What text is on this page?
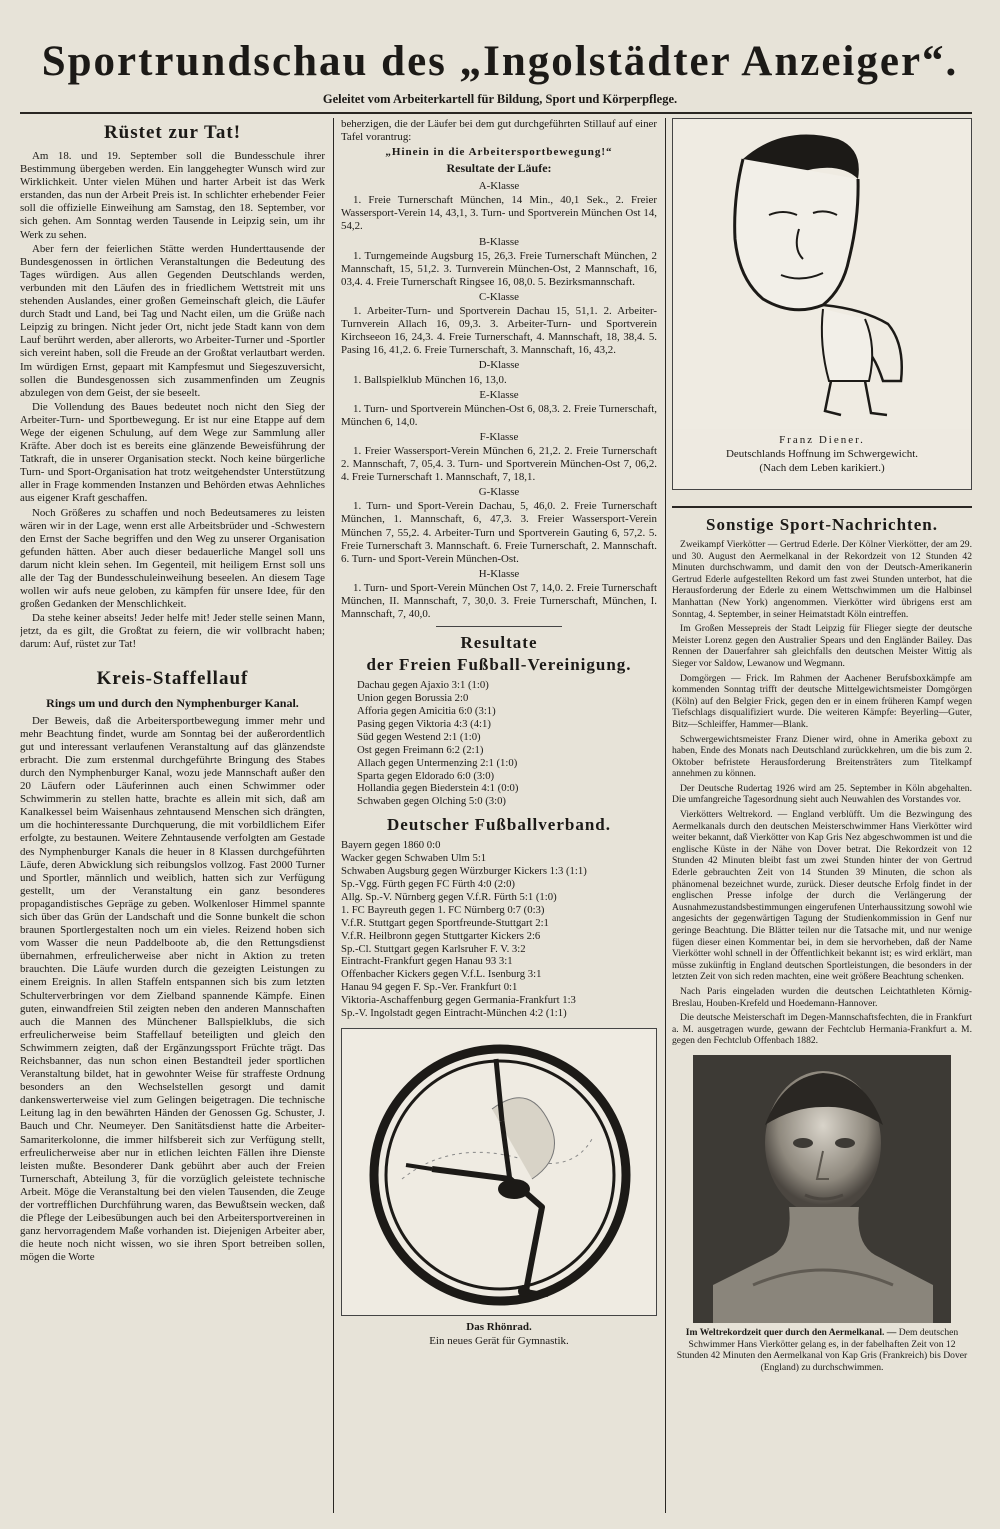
Sportrundschau des „Ingolstädter Anzeiger“.
Geleitet vom Arbeiterkartell für Bildung, Sport und Körperpflege.
Rüstet zur Tat!

Am 18. und 19. September soll die Bundesschule ihrer Bestimmung übergeben werden. Ein langgehegter Wunsch wird zur Wirklichkeit. Unter vielen Mühen und harter Arbeit ist das Werk erstanden, das nun der Arbeit Preis ist. In schlichter erhebender Feier soll die offizielle Einweihung am Samstag, den 18. September, vor sich gehen. Am Sonntag werden Tausende in Leipzig sein, um ihr Werk zu sehen.

Aber fern der feierlichen Stätte werden Hunderttausende der Bundesgenossen in örtlichen Veranstaltungen die Bedeutung des Tages würdigen. Aus allen Gegenden Deutschlands werden, verbunden mit den Läufen des in friedlichem Wettstreit mit uns stehenden Auslandes, einer großen Gemeinschaft gleich, die Läufer durch Stadt und Land, bei Tag und Nacht eilen, um die Grüße nach Leipzig zu bringen. Nicht jeder Ort, nicht jede Stadt kann von dem Lauf berührt werden, aber allerorts, wo Arbeiter-Turner und -Sportler sich vereint haben, soll die Freude an der Großtat verlautbart werden. Im würdigen Ernst, gepaart mit Kampfesmut und Siegeszuversicht, sollen die Bundesgenossen sich zusammenfinden um Zeugnis abzulegen von dem Geist, der sie beseelt.

Die Vollendung des Baues bedeutet noch nicht den Sieg der Arbeiter-Turn- und Sportbewegung. Er ist nur eine Etappe auf dem Wege der eigenen Schulung, auf dem Wege zur Sammlung aller Kräfte. Aber doch ist es bereits eine glänzende Beweisführung der Tatkraft, die in unserer Organisation steckt. Noch keine bürgerliche Turn- und Sport-Organisation hat trotz weitgehendster Unterstützung aller in Frage kommenden Instanzen und Behörden etwas Aehnliches aus eigener Kraft geschaffen.

Noch Größeres zu schaffen und noch Bedeutsameres zu leisten wären wir in der Lage, wenn erst alle Arbeitsbrüder und -Schwestern den Ernst der Sache begriffen und den Weg zu unserer Organisation gefunden hätten. Aber auch dieser bedauerliche Mangel soll uns darum nicht klein sehen. Im Gegenteil, mit heiligem Ernst soll uns alle der Tag der Bundesschuleinweihung beseelen. An diesem Tage wollen wir aufs neue geloben, zu kämpfen für unsere Idee, für den großen Gedanken der Menschlichkeit.

Da stehe keiner abseits! Jeder helfe mit! Jeder stelle seinen Mann, jetzt, da es gilt, die Großtat zu feiern, die wir vollbracht haben; darum: Auf, rüstet zur Tat!

Kreis-Staffellauf
Rings um und durch den Nymphenburger Kanal.

Der Beweis, daß die Arbeitersportbewegung immer mehr und mehr Beachtung findet, wurde am Sonntag bei der außerordentlich gut und interessant verlaufenen Veranstaltung auf das glänzendste erbracht. Die zum erstenmal durchgeführte Bringung des Stabes durch den Nymphenburger Kanal, wozu jede Mannschaft außer den 20 Läufern oder Läuferinnen auch einen Schwimmer oder Schwimmerin zu stellen hatte, brachte es allein mit sich, daß am Kanalkessel beim Waisenhaus zehntausend Menschen sich drängten, um die hochinteressante Durchquerung, die mit vorbildlichem Eifer erfolgte, zu bestaunen. Weitere Zehntausende verfolgten am Gestade des Nymphenburger Kanals die heuer in 8 Klassen durchgeführten Läufe, deren Abwicklung sich reibungslos vollzog. Fast 2000 Turner und Sportler, männlich und weiblich, hatten sich zur Verfügung gestellt, um der Veranstaltung ein ganz besonderes propagandistisches Gepräge zu geben. Wolkenloser Himmel spannte sich über das Grün der Landschaft und die Sonne bunkelt die schon braunen Sportlergestalten noch um ein vieles. Reizend hoben sich vom Wasser die neun Paddelboote ab, die den Rettungsdienst übernahmen, erfreulicherweise aber nicht in Aktion zu treten brauchten. Die Läufe wurden durch die gezeigten Leistungen zu einem Ereignis. In allen Staffeln entspannen sich bis zum letzten Schulterverbringen vor dem Zielband spannende Kämpfe. Einen guten, einwandfreien Stil zeigten neben den anderen Mannschaften auch die Mannen des Münchener Ballspielklubs, die sich erfreulicherweise beim Staffellauf beteiligten und gleich den Schwimmern zeigten, daß der Ergänzungssport Früchte trägt. Das Reichsbanner, das nun schon einen Bestandteil jeder sportlichen Veranstaltung bildet, hat in gewohnter Weise für straffeste Ordnung besonders an den Wechselstellen gesorgt und damit dankenswerterweise viel zum Gelingen beigetragen. Die technische Leitung lag in den bewährten Händen der Genossen Gg. Schuster, J. Bauch und Chr. Neumeyer. Den Sanitätsdienst hatte die Arbeiter-Samariterkolonne, die immer hilfsbereit sich zur Verfügung stellt, erfreulicherweise aber nur in etlichen leichten Fällen ihre Dienste leisten mußte. Besonderer Dank gebührt aber auch der Freien Turnerschaft, Abteilung 3, für die vorzüglich geleistete technische Arbeit. Möge die Veranstaltung bei den vielen Tausenden, die Zeuge der vortrefflichen Durchführung waren, das Bewußtsein wecken, daß die Pflege der Leibesübungen auch bei den Arbeitersportvereinen in ganz hervorragendem Maße vorhanden ist. Diejenigen Arbeiter aber, die heute noch nicht wissen, wo sie ihren Sport betreiben sollen, mögen die Worte

beherzigen, die der Läufer bei dem gut durchgeführten Stillauf auf einer Tafel vorantrug:

„Hinein in die Arbeitersportbewegung!“
Resultate der Läufe:
A-Klasse

1. Freie Turnerschaft München, 14 Min., 40,1 Sek., 2. Freier Wassersport-Verein 14, 43,1, 3. Turn- und Sportverein München Ost 14, 54,2.

B-Klasse

1. Turngemeinde Augsburg 15, 26,3. Freie Turnerschaft München, 2 Mannschaft, 15, 51,2. 3. Turnverein München-Ost, 2 Mannschaft, 16, 03,4. 4. Freie Turnerschaft Ringsee 16, 08,0. 5. Bezirksmannschaft.

C-Klasse

1. Arbeiter-Turn- und Sportverein Dachau 15, 51,1. 2. Arbeiter-Turnverein Allach 16, 09,3. 3. Arbeiter-Turn- und Sportverein Kirchseeon 16, 24,3. 4. Freie Turnerschaft, 4. Mannschaft, 18, 38,4. 5. Pasing 16, 41,2. 6. Freie Turnerschaft, 3. Mannschaft, 16, 43,2.

D-Klasse

1. Ballspielklub München 16, 13,0.

E-Klasse

1. Turn- und Sportverein München-Ost 6, 08,3. 2. Freie Turnerschaft, München 6, 14,0.

F-Klasse

1. Freier Wassersport-Verein München 6, 21,2. 2. Freie Turnerschaft 2. Mannschaft, 7, 05,4. 3. Turn- und Sportverein München-Ost 7, 06,2. 4. Freie Turnerschaft 1. Mannschaft, 7, 18,1.

G-Klasse

1. Turn- und Sport-Verein Dachau, 5, 46,0. 2. Freie Turnerschaft München, 1. Mannschaft, 6, 47,3. 3. Freier Wassersport-Verein München 7, 55,2. 4. Arbeiter-Turn und Sportverein Gauting 6, 57,2. 5. Freie Turnerschaft 3. Mannschaft. 6. Freie Turnerschaft, 2. Mannschaft. 6. Turn- und Sport-Verein München-Ost.

H-Klasse

1. Turn- und Sport-Verein München Ost 7, 14,0. 2. Freie Turnerschaft München, II. Mannschaft, 7, 30,0. 3. Freie Turnerschaft, München, I. Mannschaft, 7, 40,0.

Resultate
der Freien Fußball-Vereinigung.
Dachau gegen Ajaxio 3:1 (1:0)
Union gegen Borussia 2:0
Afforia gegen Amicitia 6:0 (3:1)
Pasing gegen Viktoria 4:3 (4:1)
Süd gegen Westend 2:1 (1:0)
Ost gegen Freimann 6:2 (2:1)
Allach gegen Untermenzing 2:1 (1:0)
Sparta gegen Eldorado 6:0 (3:0)
Hollandia gegen Biederstein 4:1 (0:0)
Schwaben gegen Olching 5:0 (3:0)
Deutscher Fußballverband.
Bayern gegen 1860 0:0
Wacker gegen Schwaben Ulm 5:1
Schwaben Augsburg gegen Würzburger Kickers 1:3 (1:1)
Sp.-Vgg. Fürth gegen FC Fürth 4:0 (2:0)
Allg. Sp.-V. Nürnberg gegen V.f.R. Fürth 5:1 (1:0)
1. FC Bayreuth gegen 1. FC Nürnberg 0:7 (0:3)
V.f.R. Stuttgart gegen Sportfreunde-Stuttgart 2:1
V.f.R. Heilbronn gegen Stuttgarter Kickers 2:6
Sp.-Cl. Stuttgart gegen Karlsruher F. V. 3:2
Eintracht-Frankfurt gegen Hanau 93 3:1
Offenbacher Kickers gegen V.f.L. Isenburg 3:1
Hanau 94 gegen F. Sp.-Ver. Frankfurt 0:1
Viktoria-Aschaffenburg gegen Germania-Frankfurt 1:3
Sp.-V. Ingolstadt gegen Eintracht-München 4:2 (1:1)
Das Rhönrad.
Ein neues Gerät für Gymnastik.
Franz Diener.
Deutschlands Hoffnung im Schwergewicht.
(Nach dem Leben karikiert.)
Sonstige Sport-Nachrichten.

Zweikampf Vierkötter — Gertrud Ederle. Der Kölner Vierkötter, der am 29. und 30. August den Aermelkanal in der Rekordzeit von 12 Stunden 42 Minuten durchschwamm, und damit den von der Deutsch-Amerikanerin Gertrud Ederle aufgestellten Rekord um fast zwei Stunden unterbot, hat die Herausforderung der Ederle zu einem Wettschwimmen um die Halbinsel Manhattan (New York) angenommen. Vierkötter wird übrigens erst am Sonntag, 4. September, in seiner Heimatstadt Köln eintreffen.

Im Großen Messepreis der Stadt Leipzig für Flieger siegte der deutsche Meister Lorenz gegen den Australier Spears und den Engländer Bailey. Das Rennen der Dauerfahrer sah gleichfalls den deutschen Meister Wittig als Sieger vor Saldow, Lewanow und Wegmann.

Domgörgen — Frick. Im Rahmen der Aachener Berufsboxkämpfe am kommenden Sonntag trifft der deutsche Mittelgewichtsmeister Domgörgen (Köln) auf den Belgier Frick, gegen den er in einem früheren Kampf wegen Tiefschlags disqualifiziert wurde. Die weiteren Kämpfe: Beyerling—Guter, Bitz—Schleiffer, Hammer—Blank.

Schwergewichtsmeister Franz Diener wird, ohne in Amerika geboxt zu haben, Ende des Monats nach Deutschland zurückkehren, um die bis zum 2. Oktober befristete Herausforderung Breitensträters zum Titelkampf annehmen zu können.

Der Deutsche Rudertag 1926 wird am 25. September in Köln abgehalten. Die umfangreiche Tagesordnung sieht auch Neuwahlen des Vorstandes vor.

Vierkötters Weltrekord. — England verblüfft. Um die Bezwingung des Aermelkanals durch den deutschen Meisterschwimmer Hans Vierkötter wird weiter bekannt, daß Vierkötter von Kap Gris Nez abgeschwommen ist und die englische Küste in der Nähe von Dover betrat. Die Rekordzeit von 12 Stunden 42 Minuten bleibt fast um zwei Stunden hinter der von Gertrud Ederle gebrauchten Zeit von 14 Stunden 39 Minuten, die schon als phänomenal bezeichnet wurde, zurück. Dieser deutsche Erfolg findet in der englischen Presse infolge der durch die Verlängerung der Ausnahmezustandsbestimmungen eingerufenen Unterhaussitzung sowohl wie angesichts der gegenwärtigen Tagung der Studienkommission in Genf nur geringe Beachtung. Die Blätter teilen nur die Tatsache mit, und nur wenige fügen dieser einen Kommentar bei, in dem sie hervorheben, daß der Name Vierkötter wohl schnell in der Öffentlichkeit bekannt ist; es wird erklärt, man müsse zukünftig in England deutschen Sportleistungen, die besonders in der letzten Zeit von sich reden machten, eine weit größere Beachtung schenken.

Nach Paris eingeladen wurden die deutschen Leichtathleten Körnig-Breslau, Houben-Krefeld und Hoedemann-Hannover.

Die deutsche Meisterschaft im Degen-Mannschaftsfechten, die in Frankfurt a. M. ausgetragen wurde, gewann der Fechtclub Hermania-Frankfurt a. M. gegen den Fechtclub Offenbach 1882.

Im Weltrekordzeit quer durch den Aermelkanal. — Dem deutschen Schwimmer Hans Vierkötter gelang es, in der fabelhaften Zeit von 12 Stunden 42 Minuten den Aermelkanal von Kap Gris (Frankreich) bis Dover (England) zu durchschwimmen.
